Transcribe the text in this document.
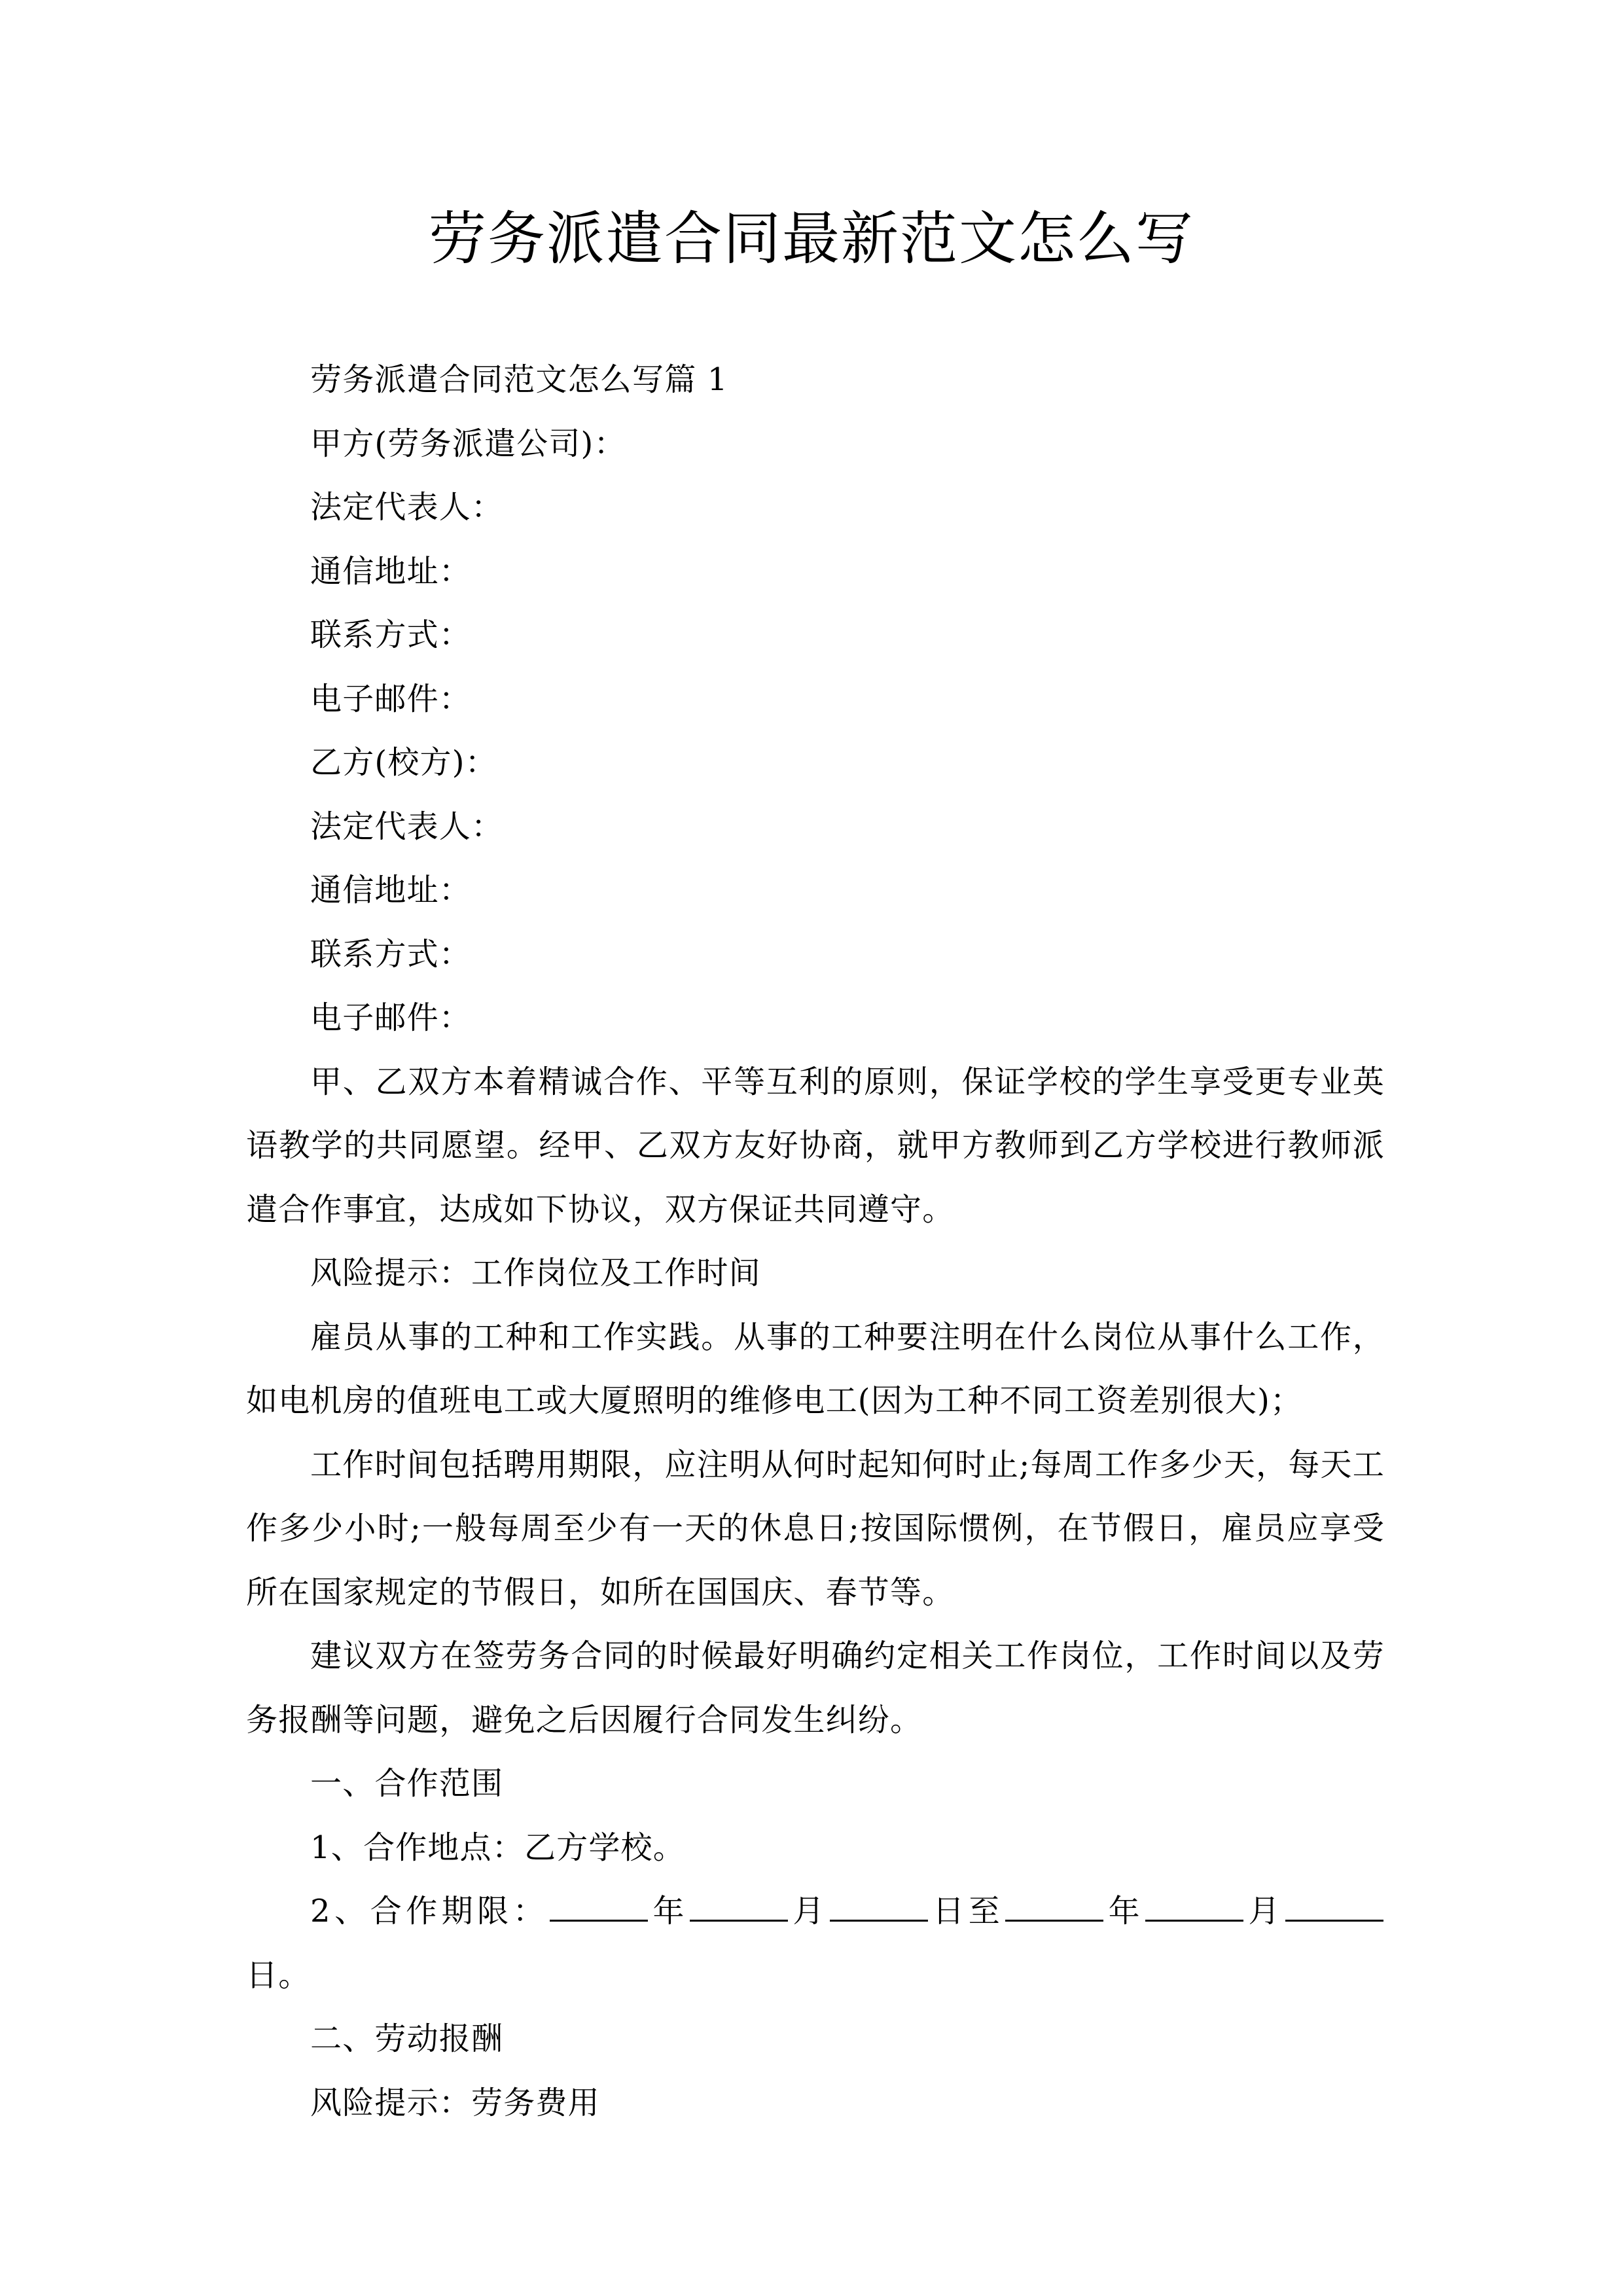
劳务派遣合同最新范文怎么写

劳务派遣合同范文怎么写篇 1

甲方(劳务派遣公司)：

法定代表人：

通信地址：

联系方式：

电子邮件：

乙方(校方)：

法定代表人：

通信地址：

联系方式：

电子邮件：

甲、乙双方本着精诚合作、平等互利的原则，保证学校的学生享受更专业英语教学的共同愿望。经甲、乙双方友好协商，就甲方教师到乙方学校进行教师派遣合作事宜，达成如下协议，双方保证共同遵守。

风险提示：工作岗位及工作时间

雇员从事的工种和工作实践。从事的工种要注明在什么岗位从事什么工作，如电机房的值班电工或大厦照明的维修电工(因为工种不同工资差别很大)；

工作时间包括聘用期限，应注明从何时起知何时止;每周工作多少天，每天工作多少小时;一般每周至少有一天的休息日;按国际惯例，在节假日，雇员应享受所在国家规定的节假日，如所在国国庆、春节等。

建议双方在签劳务合同的时候最好明确约定相关工作岗位，工作时间以及劳务报酬等问题，避免之后因履行合同发生纠纷。

一、合作范围

1、合作地点：乙方学校。

2、合作期限：	年	月	日至	年	月日。

二、劳动报酬

风险提示：劳务费用
